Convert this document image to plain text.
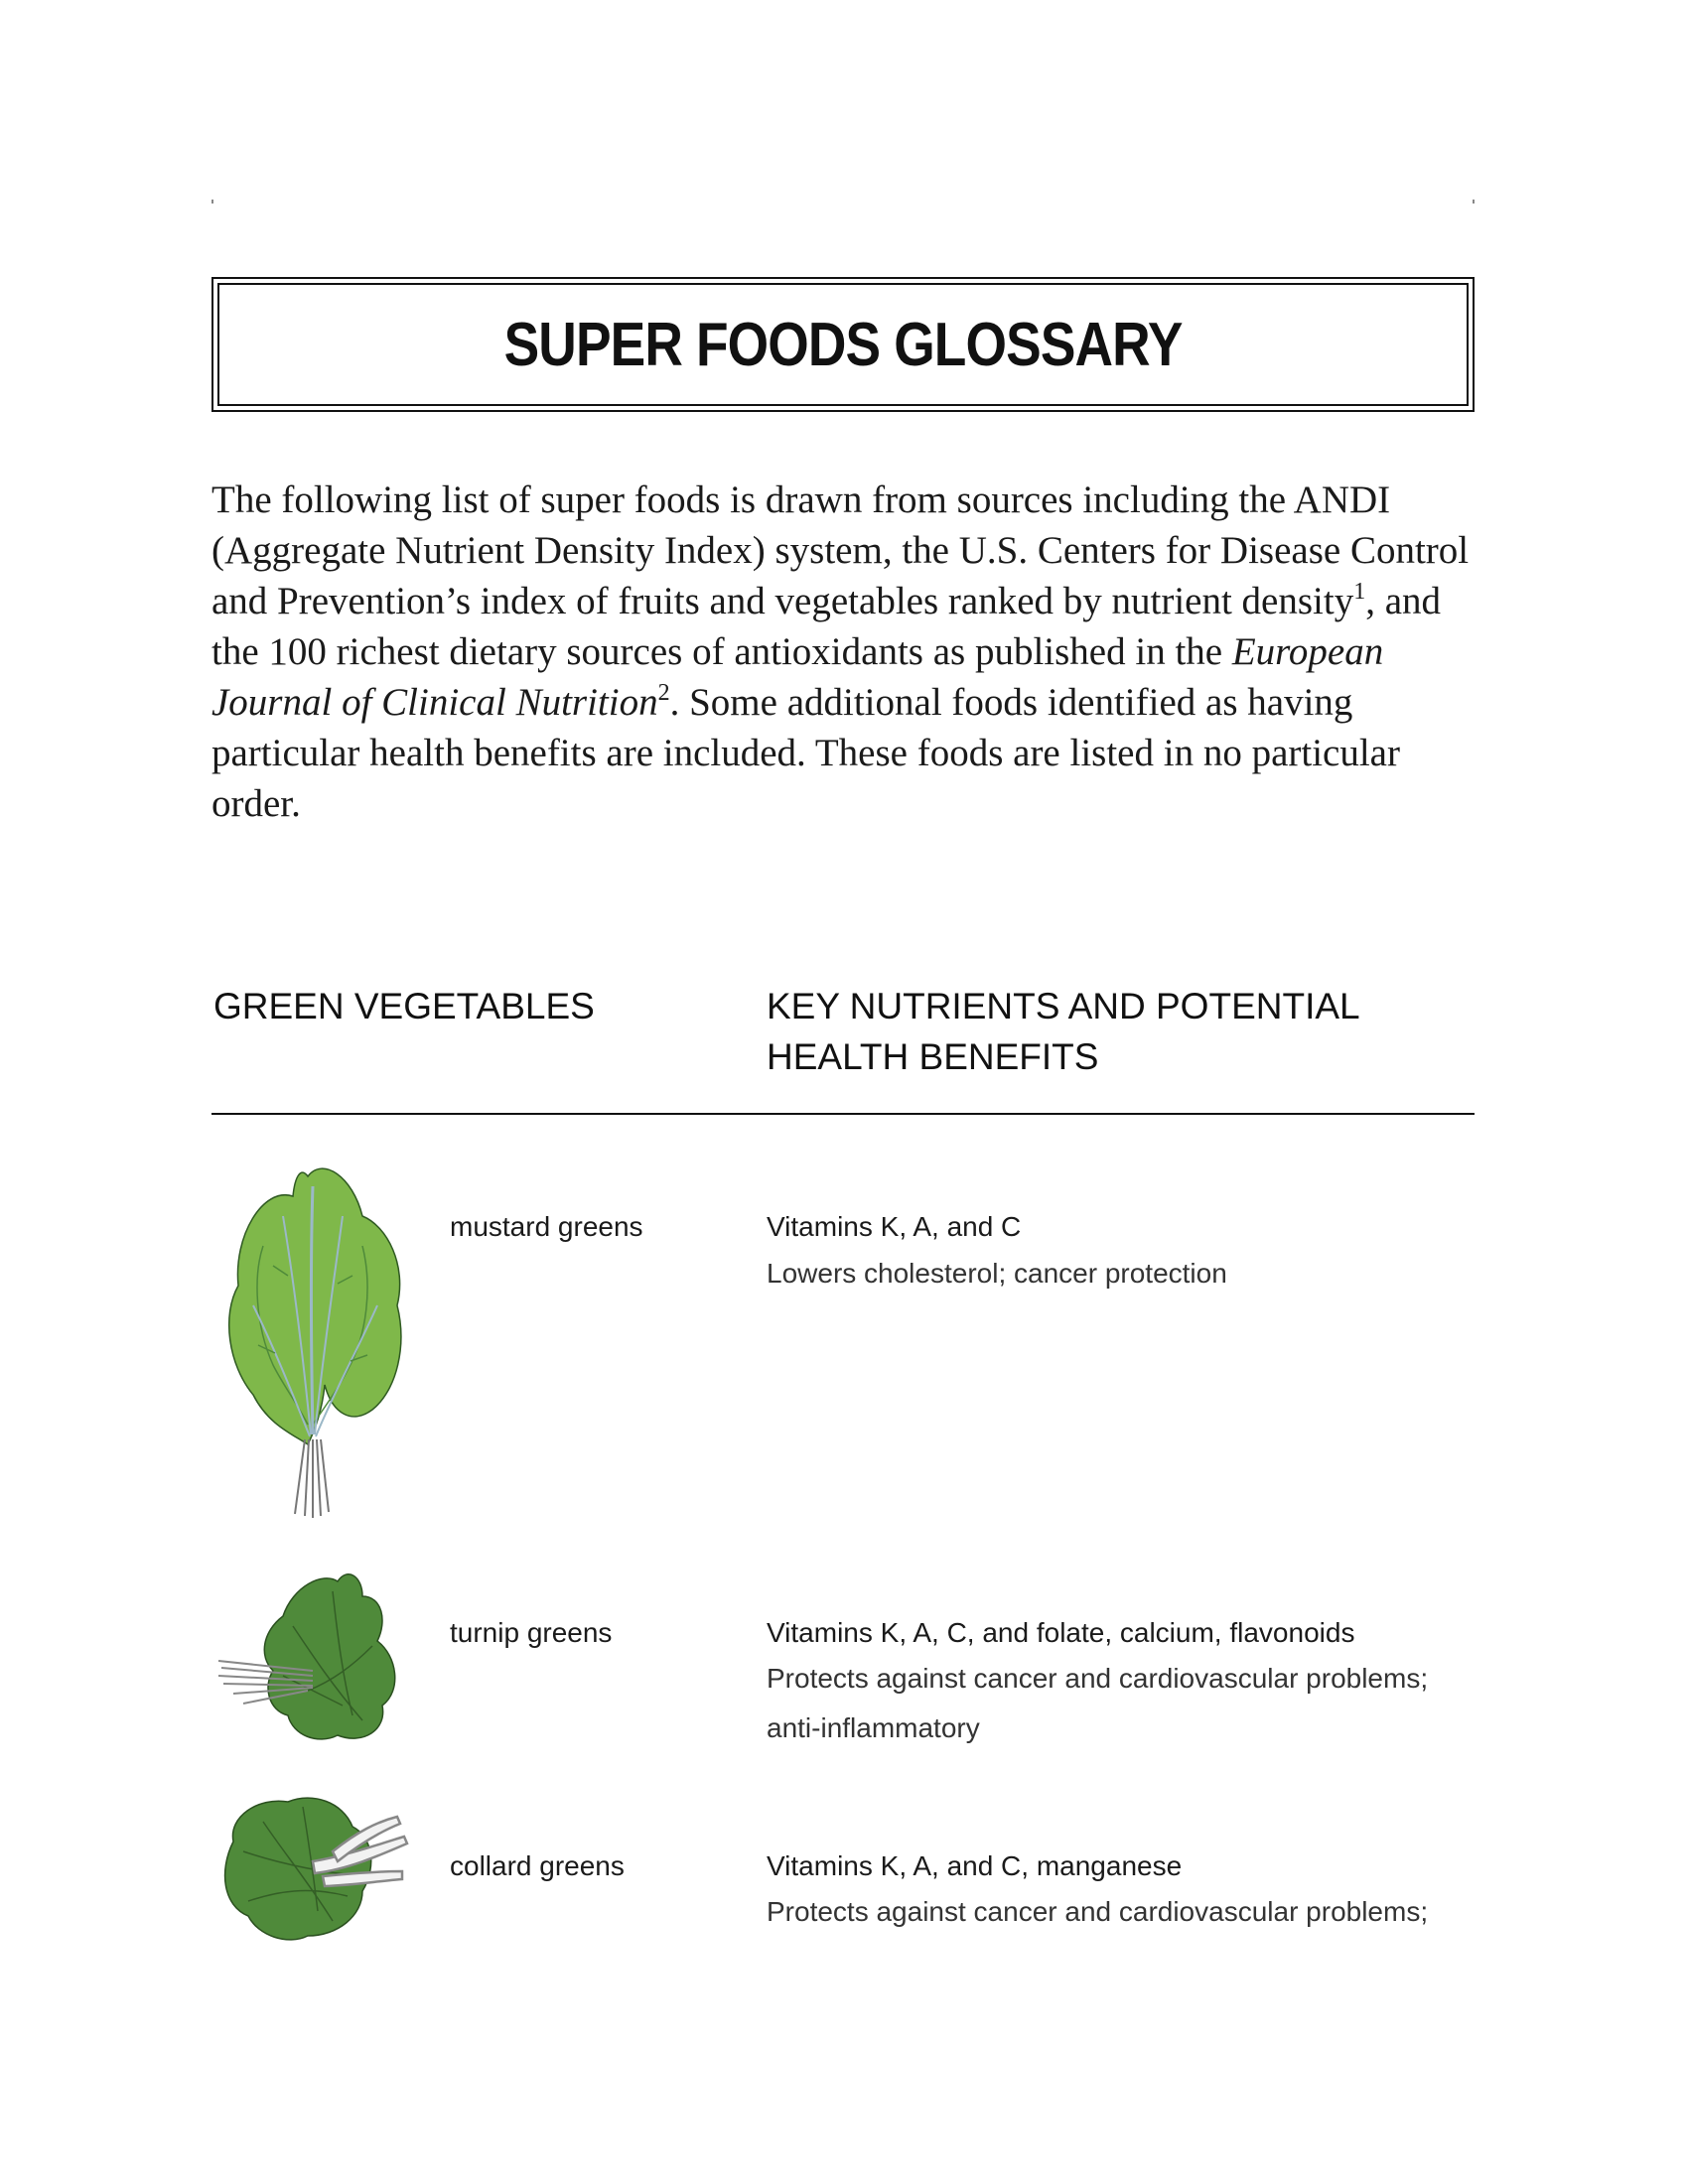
SUPER FOODS GLOSSARY

The following list of super foods is drawn from sources including the ANDI (Aggregate Nutrient Density Index) system, the U.S. Centers for Disease Control and Prevention’s index of fruits and vegetables ranked by nutrient density$^1$, and the 100 richest dietary sources of antioxidants as published in the European Journal of Clinical Nutrition$^2$. Some additional foods identified as having particular health benefits are included. These foods are listed in no particular order.

GREEN VEGETABLES	KEY NUTRIENTS AND POTENTIAL HEALTH BENEFITS

mustard greens	Vitamins K, A, and C
Lowers cholesterol; cancer protection
turnip greens	Vitamins K, A, C, and folate, calcium, flavonoids
Protects against cancer and cardiovascular problems; anti-inflammatory
collard greens	Vitamins K, A, and C, manganese
Protects against cancer and cardiovascular problems;
